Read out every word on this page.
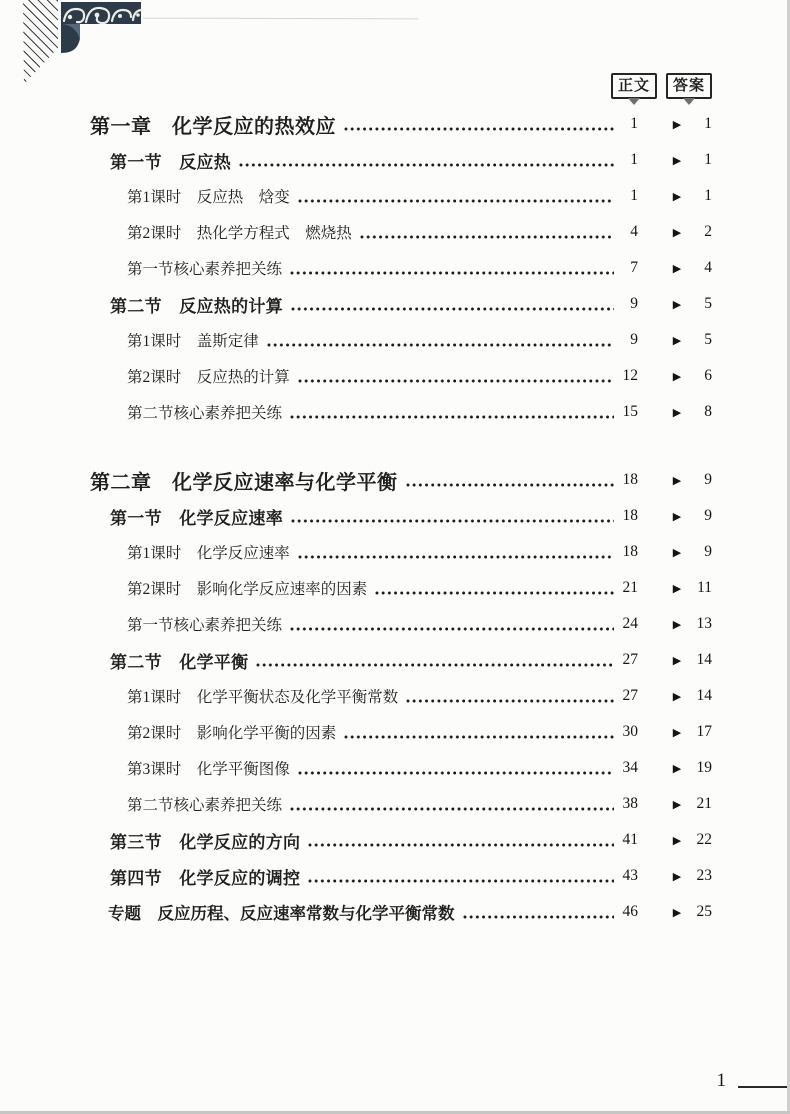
正文	答案
第一章　化学反应的热效应	1	▶	1
第一节　反应热	1	▶	1
第1课时　反应热　焓变	1	▶	1
第2课时　热化学方程式　燃烧热	4	▶	2
第一节核心素养把关练	7	▶	4
第二节　反应热的计算	9	▶	5
第1课时　盖斯定律	9	▶	5
第2课时　反应热的计算	12	▶	6
第二节核心素养把关练	15	▶	8
第二章　化学反应速率与化学平衡	18	▶	9
第一节　化学反应速率	18	▶	9
第1课时　化学反应速率	18	▶	9
第2课时　影响化学反应速率的因素	21	▶	11
第一节核心素养把关练	24	▶ 13
第二节　化学平衡	27	▶ 14
第1课时　化学平衡状态及化学平衡常数	27	▶ 14
第2课时　影响化学平衡的因素	30	▶ 17
第3课时　化学平衡图像	34	▶ 19
第二节核心素养把关练	38	▶ 21
第三节　化学反应的方向	41	▶ 22
第四节　化学反应的调控	43	▶ 23
专题　反应历程、反应速率常数与化学平衡常数	46	▶ 25
1
